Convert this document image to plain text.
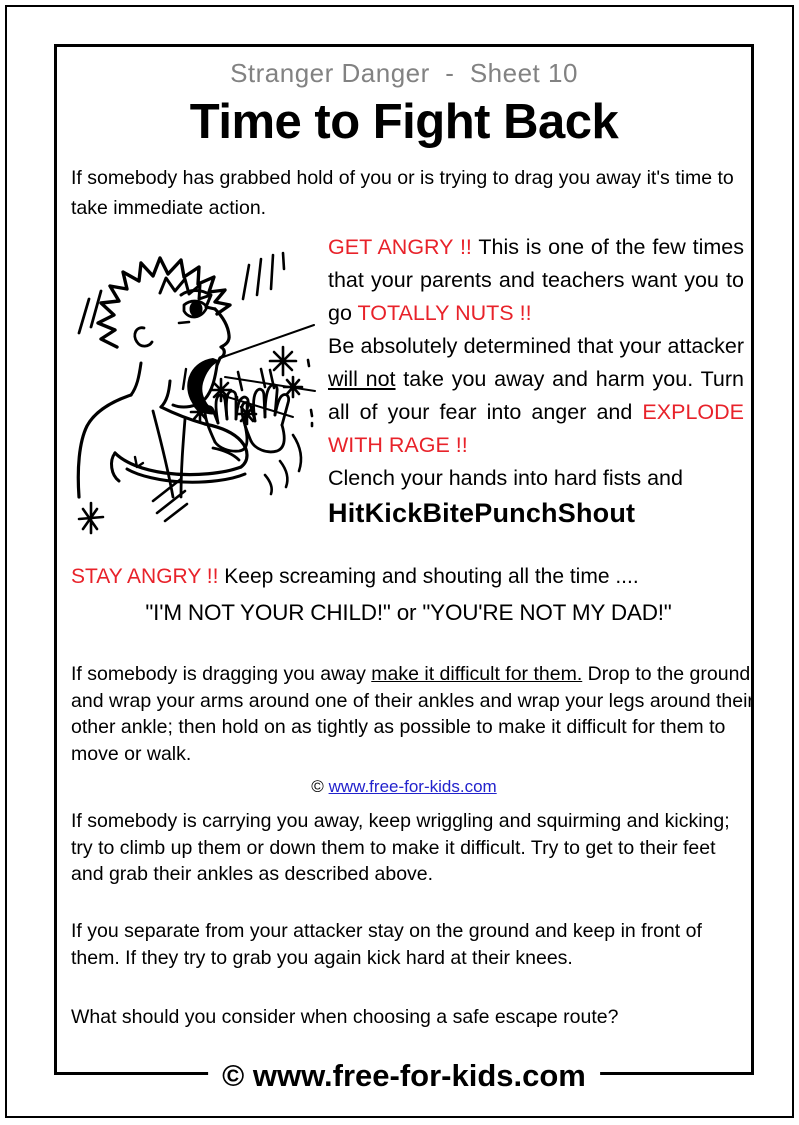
Stranger Danger  -  Sheet 10
Time to Fight Back
If somebody has grabbed hold of you or is trying to drag you away it's time to take immediate action.

GET ANGRY !! This is one of the few times that your parents and teachers want you to go TOTALLY NUTS !!

Be absolutely determined that your attacker will not take you away and harm you. Turn all of your fear into anger and EXPLODE WITH RAGE !!

Clench your hands into hard fists and

Hit Kick Bite Punch Shout
STAY ANGRY !! Keep screaming and shouting all the time ....
"I'M NOT YOUR CHILD!" or "YOU'RE NOT MY DAD!"
If somebody is dragging you away make it difficult for them. Drop to the ground and wrap your arms around one of their ankles and wrap your legs around their other ankle; then hold on as tightly as possible to make it difficult for them to move or walk.
© www.free-for-kids.com
If somebody is carrying you away, keep wriggling and squirming and kicking; try to climb up them or down them to make it difficult. Try to get to their feet and grab their ankles as described above.
If you separate from your attacker stay on the ground and keep in front of them. If they try to grab you again kick hard at their knees.
What should you consider when choosing a safe escape route?
© www.free-for-kids.com
